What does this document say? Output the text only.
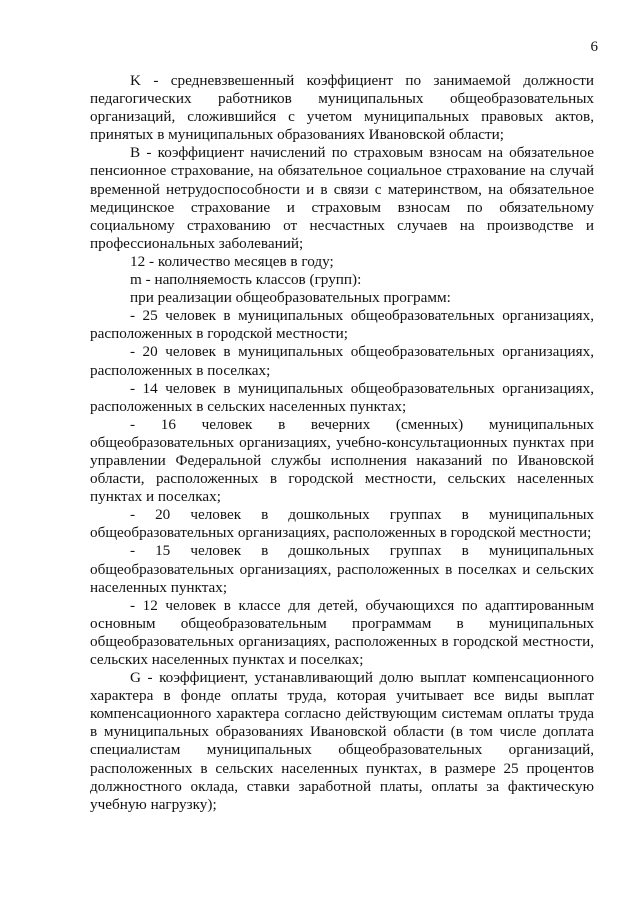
6

K - средневзвешенный коэффициент по занимаемой должности педагогических работников муниципальных общеобразовательных организаций, сложившийся с учетом муниципальных правовых актов, принятых в муниципальных образованиях Ивановской области;

B - коэффициент начислений по страховым взносам на обязательное пенсионное страхование, на обязательное социальное страхование на случай временной нетрудоспособности и в связи с материнством, на обязательное медицинское страхование и страховым взносам по обязательному социальному страхованию от несчастных случаев на производстве и профессиональных заболеваний;

12 - количество месяцев в году;

m - наполняемость классов (групп):

при реализации общеобразовательных программ:

- 25 человек в муниципальных общеобразовательных организациях, расположенных в городской местности;

- 20 человек в муниципальных общеобразовательных организациях, расположенных в поселках;

- 14 человек в муниципальных общеобразовательных организациях, расположенных в сельских населенных пунктах;

- 16 человек в вечерних (сменных) муниципальных общеобразовательных организациях, учебно-консультационных пунктах при управлении Федеральной службы исполнения наказаний по Ивановской области, расположенных в городской местности, сельских населенных пунктах и поселках;

- 20 человек в дошкольных группах в муниципальных общеобразовательных организациях, расположенных в городской местности;

- 15 человек в дошкольных группах в муниципальных общеобразовательных организациях, расположенных в поселках и сельских населенных пунктах;

- 12 человек в классе для детей, обучающихся по адаптированным основным общеобразовательным программам в муниципальных общеобразовательных организациях, расположенных в городской местности, сельских населенных пунктах и поселках;

G - коэффициент, устанавливающий долю выплат компенсационного характера в фонде оплаты труда, которая учитывает все виды выплат компенсационного характера согласно действующим системам оплаты труда в муниципальных образованиях Ивановской области (в том числе доплата специалистам муниципальных общеобразовательных организаций, расположенных в сельских населенных пунктах, в размере 25 процентов должностного оклада, ставки заработной платы, оплаты за фактическую учебную нагрузку);
